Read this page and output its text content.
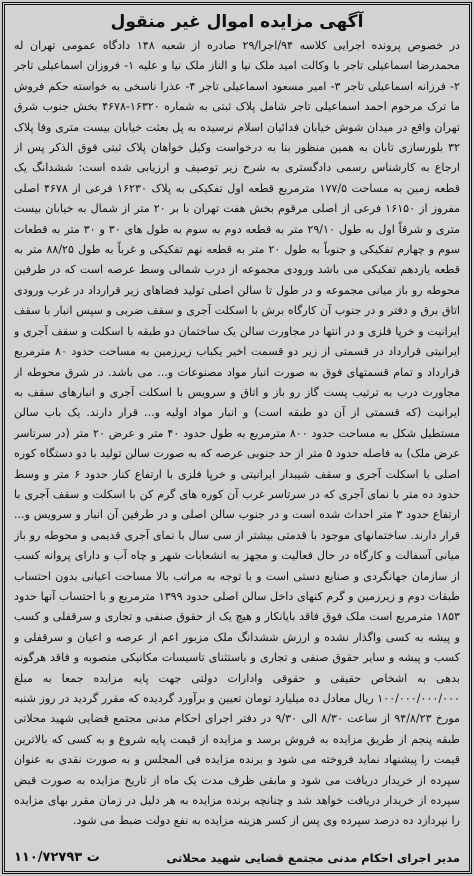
آگهی مزایده اموال غیر منقول
در خصوص پرونده اجرایی کلاسه ۹۴/اجرا/۲۹ صادره از شعبه ۱۴۸ دادگاه عمومی تهران له محمدرضا اسماعیلی تاجر با وکالت امید ملک نیا و الناز ملک نیا و علیه ۱- فروزان اسماعیلی تاجر ۲- فرزانه اسماعیلی تاجر ۳- امیر مسعود اسماعیلی تاجر ۴- عذرا ناسخی به خواسته حکم فروش ما ترک مرحوم احمد اسماعیلی تاجر شامل پلاک ثبتی به شماره ۱۶۳۲۰-۴۶۷۸ بخش جنوب شرق تهران واقع در میدان شوش خیابان فدائیان اسلام نرسیده به پل بعثت خیابان بیست متری وفا پلاک ۳۲ بلورسازی تابان به همین منظور بنا به درخواست وکیل خواهان پلاک ثبتی فوق الذکر پس از ارجاع به کارشناس رسمی دادگستری به شرح زیر توصیف و ارزیابی شده است: ششدانگ یک قطعه زمین به مساحت ۱۷۷/۵ مترمربع قطعه اول تفکیکی به پلاک ۱۶۲۳۰ فرعی از ۴۶۷۸ اصلی مفروز از ۱۶۱۵۰ فرعی از اصلی مرقوم بخش هفت تهران با بر ۲۰ متر از شمال به خیابان بیست متری و شرقاً اول به طول ۲۹/۱۰ متر به قطعه دوم به سوم به طول های ۳۰ و ۳۰ متر به قطعات سوم و چهارم تفکیکی و جنوباً به طول ۲۰ متر به قطعه نهم تفکیکی و غرباً به طول ۸۸/۲۵ متر به قطعه یازدهم تفکیکی می باشد ورودی مجموعه از درب شمالی وسط عرصه است که در طرفین محوطه رو باز میانی مجموعه و در طول تا سالن اصلی تولید فضاهای زیر قرارداد در غرب ورودی اتاق برق و دفتر و در جنوب آن کارگاه برش با اسکلت آجری و سقف ضربی و سپس انبار با سقف ایرانیت و خرپا فلزی و در انتها در مجاورت سالن یک ساختمان دو طبقه با اسکلت و سقف آجری و ایرانیتی قرارداد در قسمتی از زیر دو قسمت اخیر یکباب زیرزمین به مساحت حدود ۸۰ مترمربع قرارداد و تمام قسمتهای فوق به صورت انبار مواد مصنوعات و... می باشد. در شرق محوطه از مجاورت درب به ترتیب پست گاز رو باز و اتاق و سرویس با اسکلت آجری و انبارهای سقف به ایرانیت (که قسمتی از آن دو طبقه است) و انبار مواد اولیه و... قرار دارند. یک باب سالن مستطیل شکل به مساحت حدود ۸۰۰ مترمربع به طول حدود ۴۰ متر و عرض ۲۰ متر (در سرتاسر عرض ملک) به فاصله حدود ۵ متر از حد جنوبی عرصه که به صورت سالن تولید با دو دستگاه کوره اصلی با اسکلت آجری و سقف شیبدار ایرانیتی و خرپا فلزی با ارتفاع کنار حدود ۶ متر و وسط حدود ده متر با نمای آجری که در سرتاسر غرب آن کوره های گرم کن با اسکلت و سقف آجری با ارتفاع حدود ۳ متر احداث شده است و در جنوب سالن اصلی و در طرفین آن انبار و سرویس و... قرار دارند. ساختمانهای موجود با قدمتی بیشتر از سی سال با نمای آجری قدیمی و محوطه رو باز میانی آسفالت و کارگاه در حال فعالیت و مجهز به انشعابات شهر و چاه آب و دارای پروانه کسب از سازمان جهانگردی و صنایع دستی است و با توجه به مراتب بالا مساحت اعیانی بدون احتساب طبقات دوم و زیرزمین و گرم کنهای داخل سالن اصلی حدود ۱۳۹۹ مترمربع و با احتساب آنها حدود ۱۸۵۳ مترمربع است ملک فوق فاقد بایانکار و هیچ یک از حقوق صنفی و تجاری و سرقفلی و کسب و پیشه به کسی واگذار نشده و ارزش ششدانگ ملک مزبور اعم از عرصه و اعیان و سرقفلی و کسب و پیشه و سایر حقوق صنفی و تجاری و باستثنای تاسیسات مکانیکی منصوبه و فاقد هرگونه بدهی به اشخاص حقیقی و حقوقی وادارات دولتی جهت پایه مزایده جمعا به مبلغ ۱۰۰/۰۰۰/۰۰۰/۰۰۰ ریال معادل ده میلیارد تومان تعیین و برآورد گردیده که مقرر گردید در روز شنبه مورخ ۹۴/۸/۲۳ از ساعت ۸/۳۰ الی ۹/۳۰ در دفتر اجرای احکام مدنی مجتمع قضایی شهید محلاتی طبقه پنجم از طریق مزایده به فروش برسد و مزایده از قیمت پایه شروع و به کسی که بالاترین قیمت را پیشنهاد نماید فروخته می شود و برنده مزایده فی المجلس و به صورت نقدی به عنوان سپرده از خریدار دریافت می شود و مابقی ظرف مدت یک ماه از تاریخ مزایده به صورت قبض سپرده از خریدار دریافت خواهد شد و چنانچه برنده مزایده به هر دلیل در زمان مقرر بهای مزایده را نپردازد ده درصد سپرده وی پس از کسر هزینه مزایده به نفع دولت ضبط می شود.
مدیر اجرای احکام مدنی مجتمع قضایی شهید محلاتی
۱۱۰/۷۲۷۹۳ ت
